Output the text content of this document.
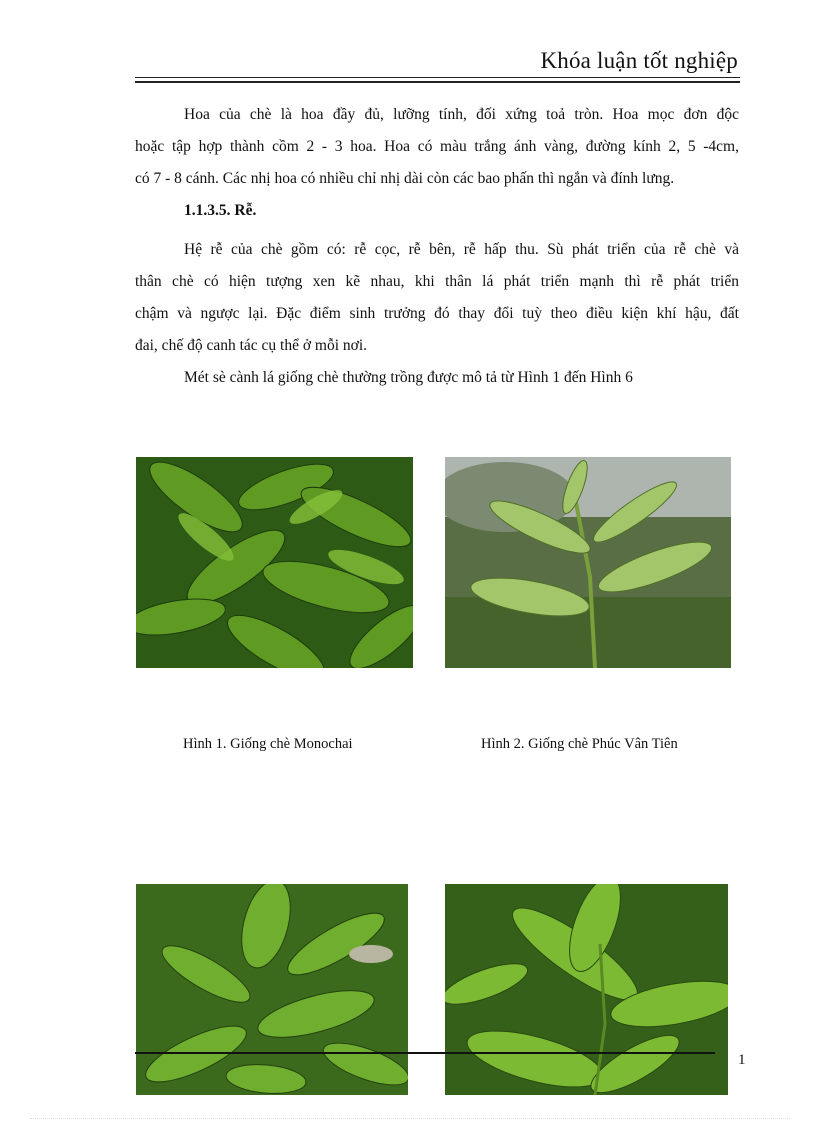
Khóa luận tốt nghiệp
Hoa của chè là hoa đầy đủ, lưỡng tính, đối xứng toả tròn. Hoa mọc đơn độc
hoặc tập hợp thành cồm 2 - 3 hoa. Hoa có màu trắng ánh vàng, đường kính 2, 5 -4cm,
có 7 - 8 cánh. Các nhị hoa có nhiều chỉ nhị dài còn các bao phấn thì ngắn và đính lưng.
1.1.3.5. Rễ.
Hệ rễ của chè gồm có: rễ cọc, rễ bên, rễ hấp thu. Sù phát triển của rễ chè và
thân chè có hiện tượng xen kẽ nhau, khi thân lá phát triển mạnh thì rễ phát triển
chậm và ngược lại. Đặc điểm sinh trưởng đó thay đổi tuỳ theo điều kiện khí hậu, đất
đai, chế độ canh tác cụ thể ở mỗi nơi.
Mét sè cành lá giống chè thường trồng được mô tả từ Hình 1 đến Hình 6
Hình 1. Giống chè Monochai	Hình 2. Giống chè Phúc Vân Tiên
1
